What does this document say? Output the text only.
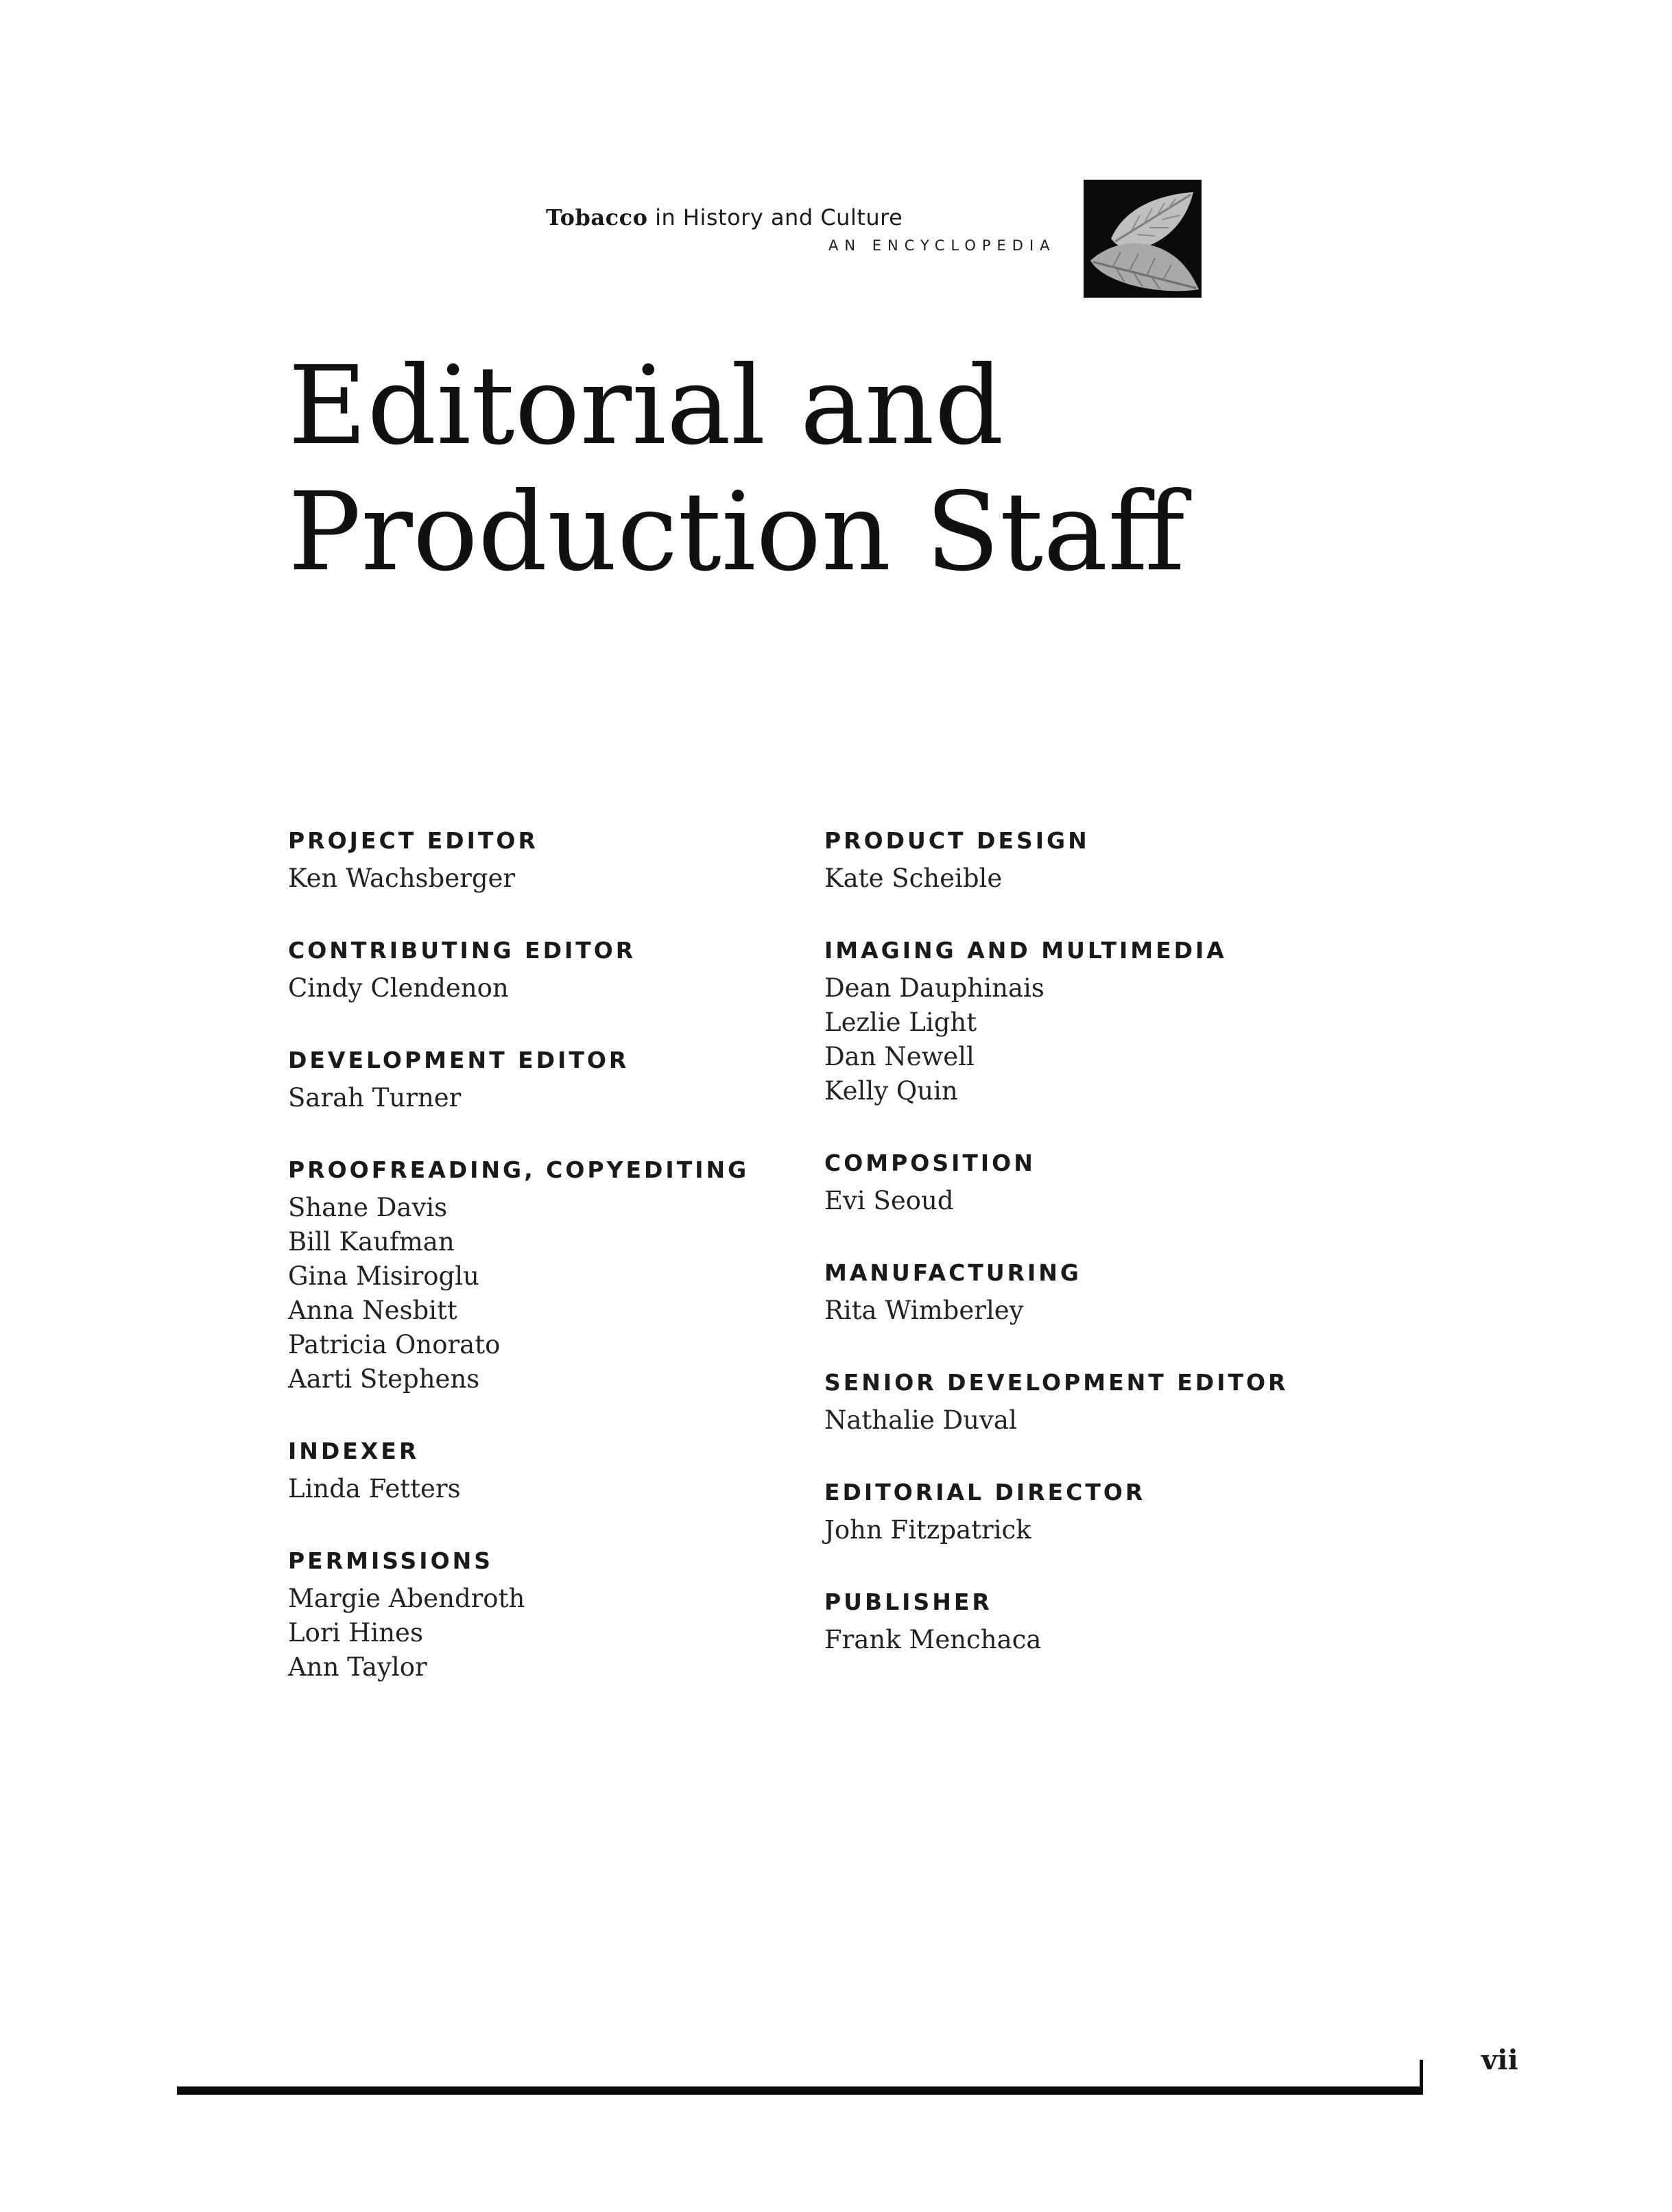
Tobacco in History and Culture
AN ENCYCLOPEDIA
Editorial and
Production Staff
PROJECT EDITOR
Ken Wachsberger
CONTRIBUTING EDITOR
Cindy Clendenon
DEVELOPMENT EDITOR
Sarah Turner
PROOFREADING, COPYEDITING
Shane Davis
Bill Kaufman
Gina Misiroglu
Anna Nesbitt
Patricia Onorato
Aarti Stephens
INDEXER
Linda Fetters
PERMISSIONS
Margie Abendroth
Lori Hines
Ann Taylor
PRODUCT DESIGN
Kate Scheible
IMAGING AND MULTIMEDIA
Dean Dauphinais
Lezlie Light
Dan Newell
Kelly Quin
COMPOSITION
Evi Seoud
MANUFACTURING
Rita Wimberley
SENIOR DEVELOPMENT EDITOR
Nathalie Duval
EDITORIAL DIRECTOR
John Fitzpatrick
PUBLISHER
Frank Menchaca
vii
